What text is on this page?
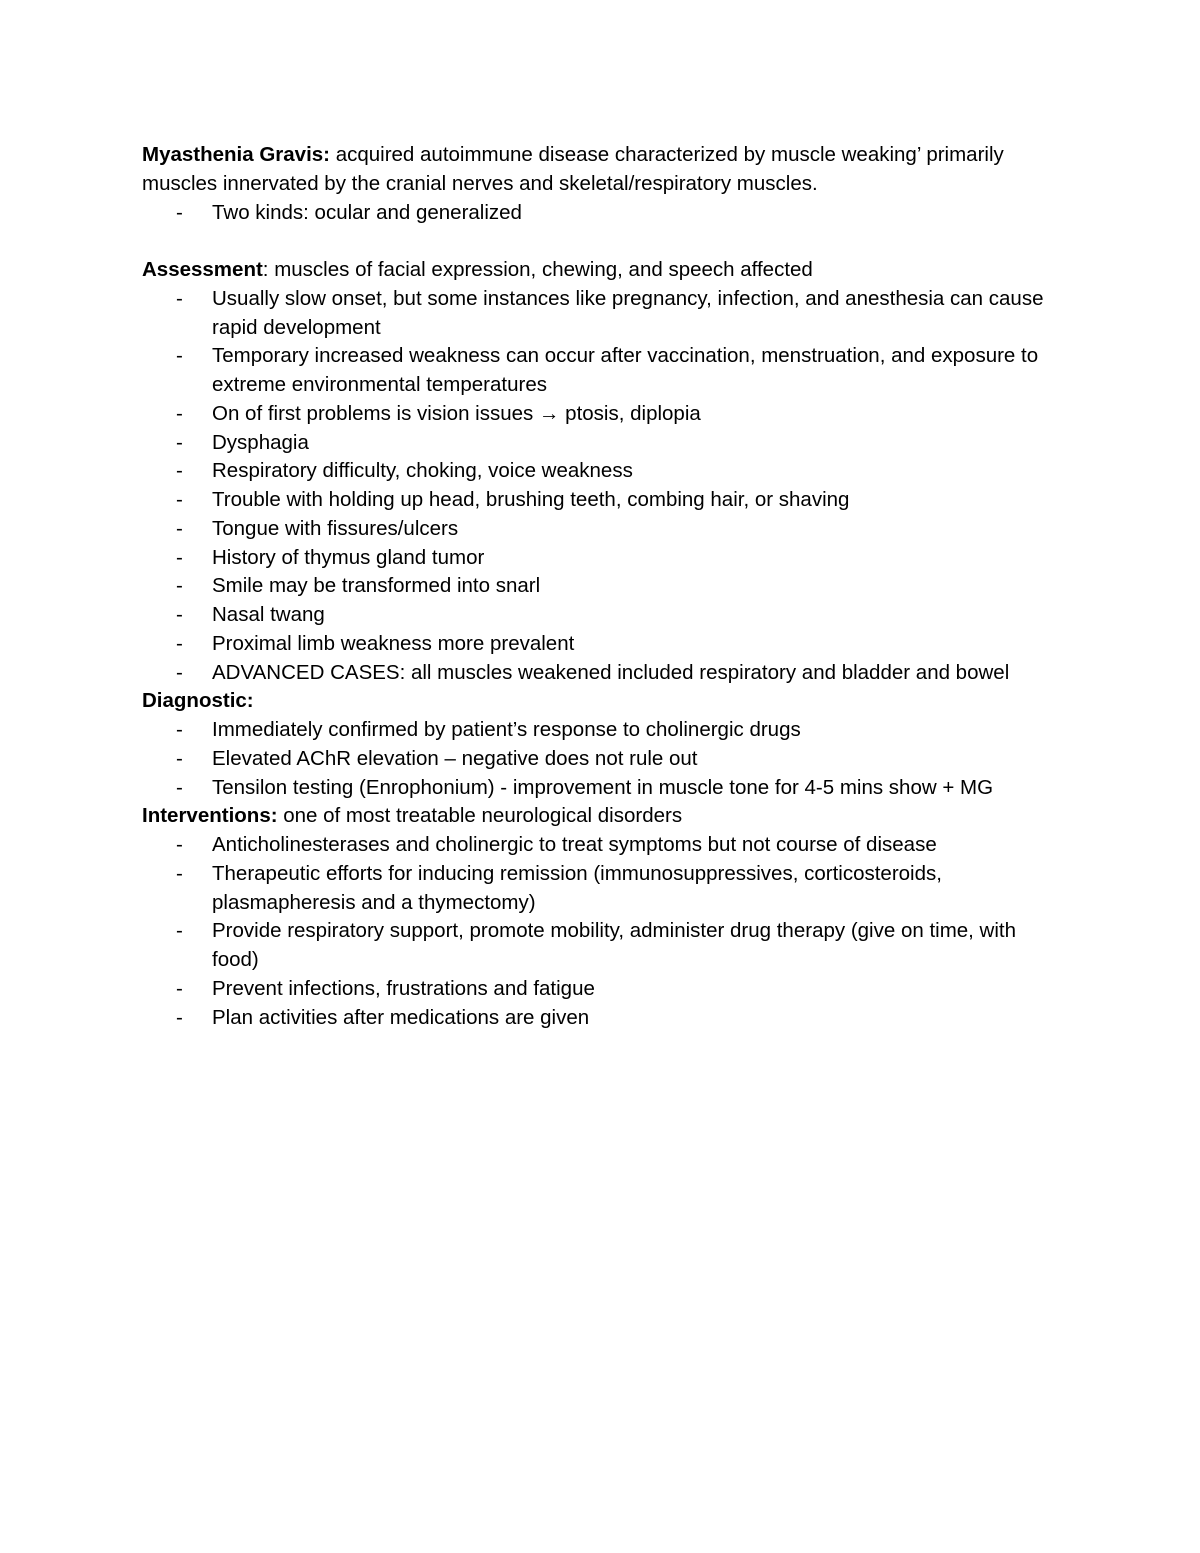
Myasthenia Gravis: acquired autoimmune disease characterized by muscle weaking’ primarily muscles innervated by the cranial nerves and skeletal/respiratory muscles.

- Two kinds: ocular and generalized

Assessment: muscles of facial expression, chewing, and speech affected

- Usually slow onset, but some instances like pregnancy, infection, and anesthesia can cause rapid development
- Temporary increased weakness can occur after vaccination, menstruation, and exposure to extreme environmental temperatures
- On of first problems is vision issues → ptosis, diplopia
- Dysphagia
- Respiratory difficulty, choking, voice weakness
- Trouble with holding up head, brushing teeth, combing hair, or shaving
- Tongue with fissures/ulcers
- History of thymus gland tumor
- Smile may be transformed into snarl
- Nasal twang
- Proximal limb weakness more prevalent
- ADVANCED CASES: all muscles weakened included respiratory and bladder and bowel

Diagnostic:

- Immediately confirmed by patient’s response to cholinergic drugs
- Elevated AChR elevation – negative does not rule out
- Tensilon testing (Enrophonium) - improvement in muscle tone for 4-5 mins show + MG

Interventions: one of most treatable neurological disorders

- Anticholinesterases and cholinergic to treat symptoms but not course of disease
- Therapeutic efforts for inducing remission (immunosuppressives, corticosteroids, plasmapheresis and a thymectomy)
- Provide respiratory support, promote mobility, administer drug therapy (give on time, with food)
- Prevent infections, frustrations and fatigue
- Plan activities after medications are given
